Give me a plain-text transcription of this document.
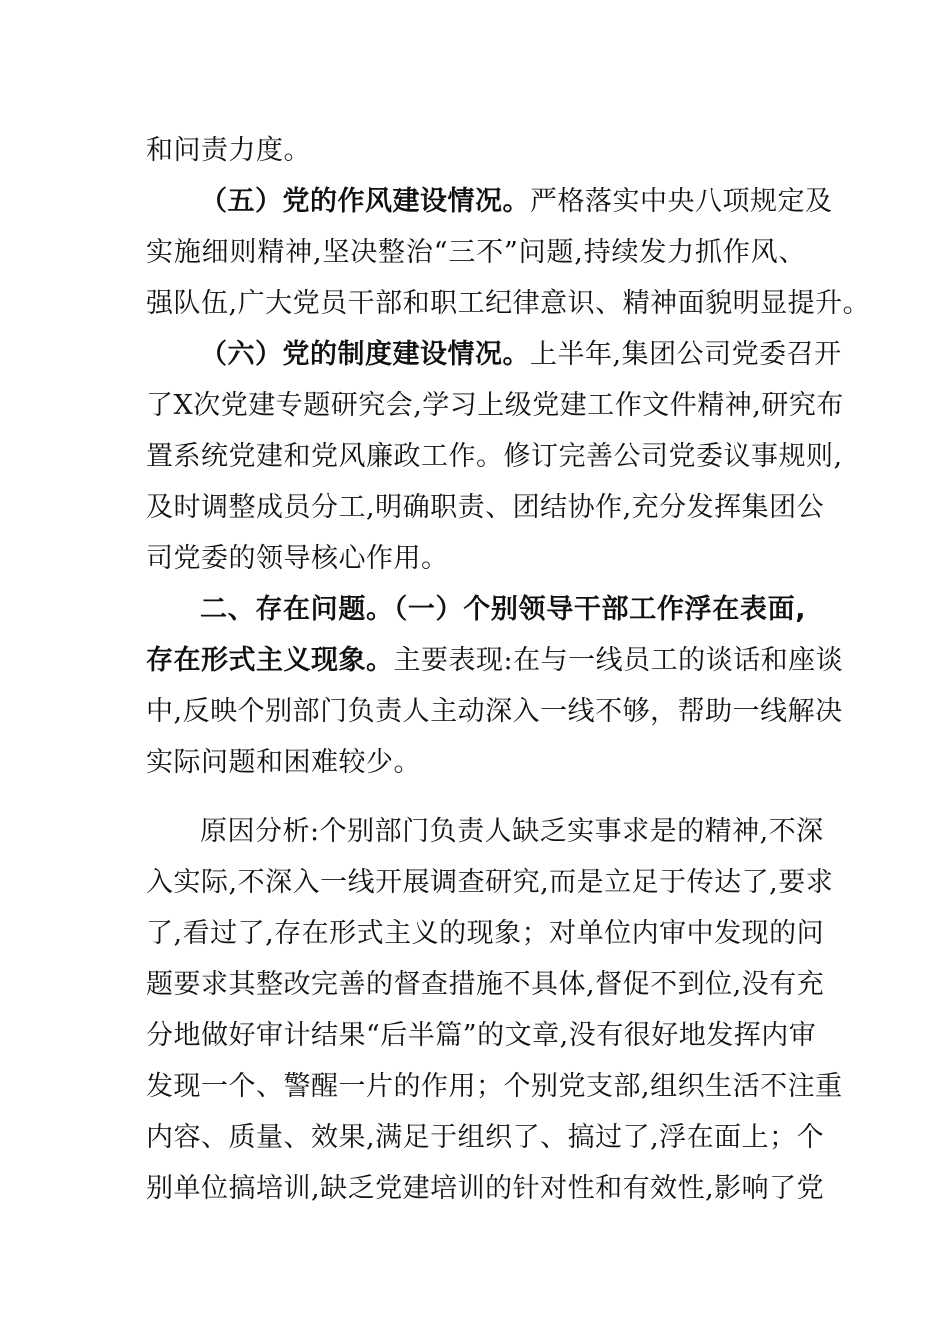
和问责力度。
（五）党的作风建设情况。严格落实中央八项规定及
实施细则精神,坚决整治“三不”问题,持续发力抓作风、
强队伍,广大党员干部和职工纪律意识、精神面貌明显提升。
（六）党的制度建设情况。上半年,集团公司党委召开
了X次党建专题研究会,学习上级党建工作文件精神,研究布
置系统党建和党风廉政工作。修订完善公司党委议事规则,
及时调整成员分工,明确职责、团结协作,充分发挥集团公
司党委的领导核心作用。
二、存在问题。（一）个别领导干部工作浮在表面,
存在形式主义现象。主要表现:在与一线员工的谈话和座谈
中,反映个别部门负责人主动深入一线不够，帮助一线解决
实际问题和困难较少。
原因分析:个别部门负责人缺乏实事求是的精神,不深
入实际,不深入一线开展调查研究,而是立足于传达了,要求
了,看过了,存在形式主义的现象；对单位内审中发现的问
题要求其整改完善的督查措施不具体,督促不到位,没有充
分地做好审计结果“后半篇”的文章,没有很好地发挥内审
发现一个、警醒一片的作用；个别党支部,组织生活不注重
内容、质量、效果,满足于组织了、搞过了,浮在面上；个
别单位搞培训,缺乏党建培训的针对性和有效性,影响了党
